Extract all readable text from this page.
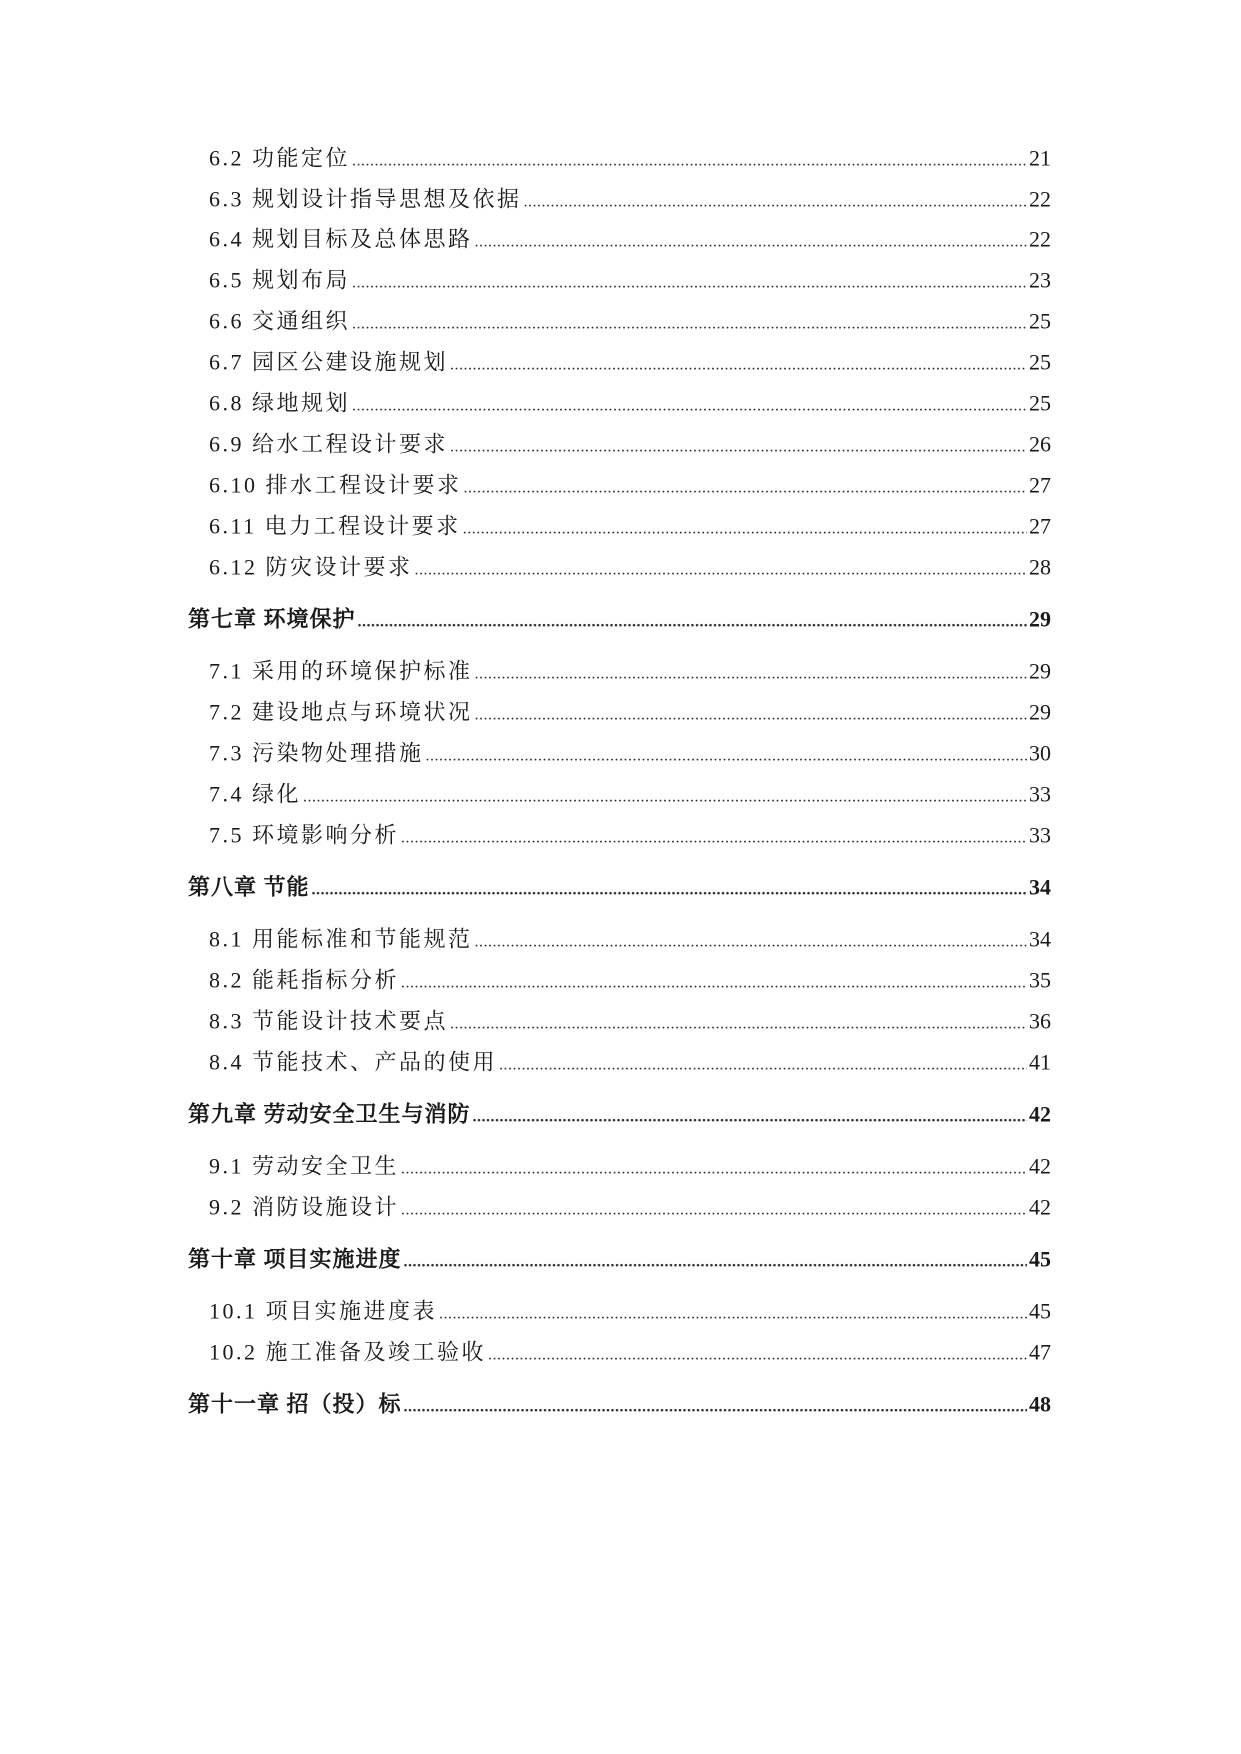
6.2 功能定位 .....	21
6.3 规划设计指导思想及依据 .....	22
6.4 规划目标及总体思路 .....	22
6.5 规划布局 .....	23
6.6 交通组织 .....	25
6.7 园区公建设施规划 .....	25
6.8 绿地规划 .....	25
6.9 给水工程设计要求 .....	26
6.10 排水工程设计要求 .....	27
6.11 电力工程设计要求 .....	27
6.12 防灾设计要求 .....	28
第七章 环境保护 .....	29
7.1 采用的环境保护标准 .....	29
7.2 建设地点与环境状况 .....	29
7.3 污染物处理措施 .....	30
7.4 绿化 .....	33
7.5 环境影响分析 .....	33
第八章 节能 .....	34
8.1 用能标准和节能规范 .....	34
8.2 能耗指标分析 .....	35
8.3 节能设计技术要点 .....	36
8.4 节能技术、产品的使用 .....	41
第九章 劳动安全卫生与消防 .....	42
9.1 劳动安全卫生 .....	42
9.2 消防设施设计 .....	42
第十章 项目实施进度 .....	45
10.1 项目实施进度表 .....	45
10.2 施工准备及竣工验收 .....	47
第十一章 招（投）标 .....	48
